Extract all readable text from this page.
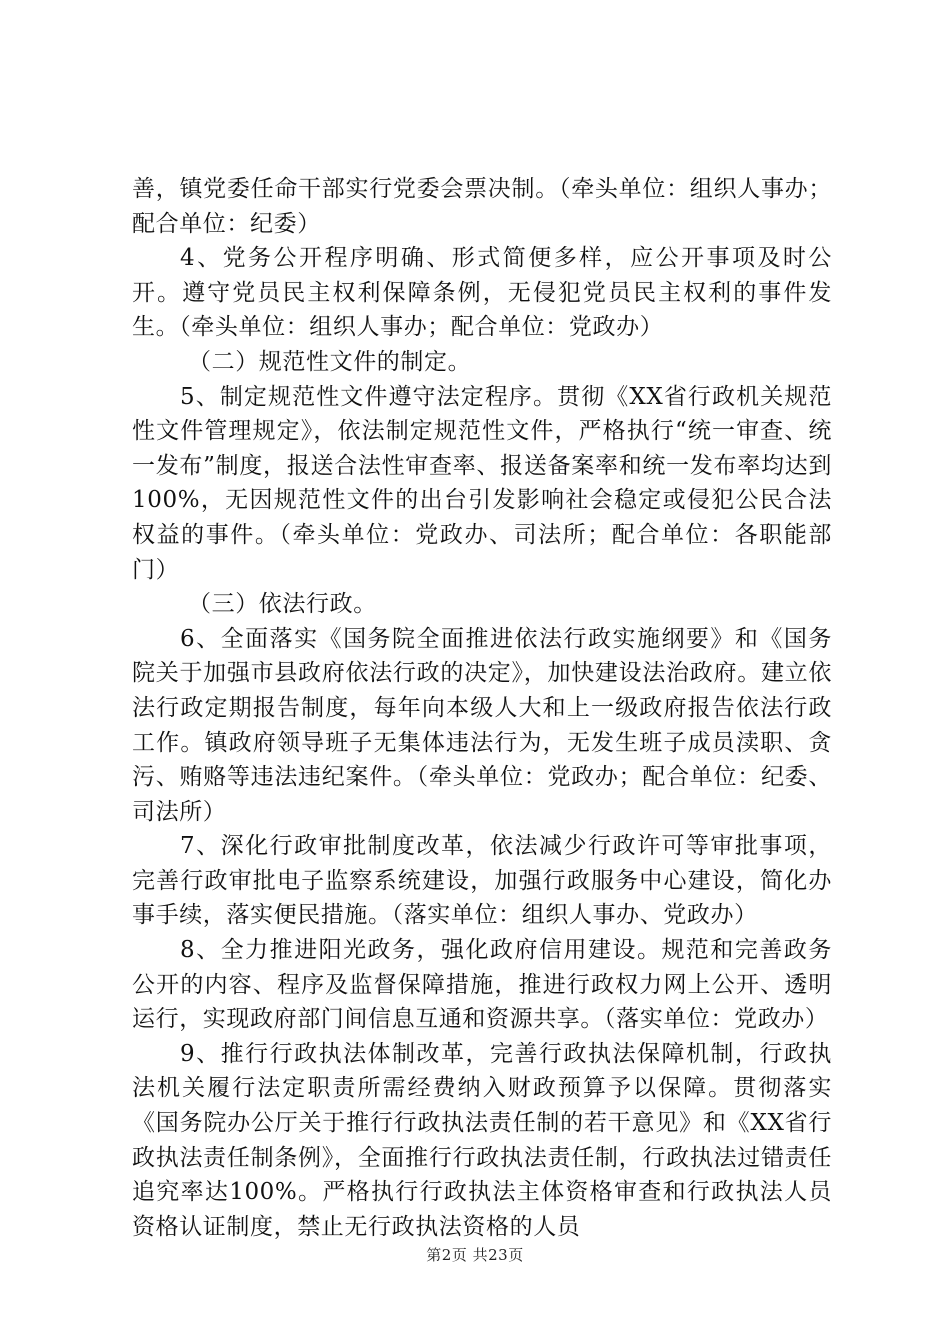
善，镇党委任命干部实行党委会票决制。（牵头单位：组织人事办；配合单位：纪委）

4、党务公开程序明确、形式简便多样，应公开事项及时公开。遵守党员民主权利保障条例，无侵犯党员民主权利的事件发生。（牵头单位：组织人事办；配合单位：党政办）

（二）规范性文件的制定。

5、制定规范性文件遵守法定程序。贯彻《XX省行政机关规范性文件管理规定》，依法制定规范性文件，严格执行“统一审查、统一发布”制度，报送合法性审查率、报送备案率和统一发布率均达到100%，无因规范性文件的出台引发影响社会稳定或侵犯公民合法权益的事件。（牵头单位：党政办、司法所；配合单位：各职能部门）

（三）依法行政。

6、全面落实《国务院全面推进依法行政实施纲要》和《国务院关于加强市县政府依法行政的决定》，加快建设法治政府。建立依法行政定期报告制度，每年向本级人大和上一级政府报告依法行政工作。镇政府领导班子无集体违法行为，无发生班子成员渎职、贪污、贿赂等违法违纪案件。（牵头单位：党政办；配合单位：纪委、司法所）

7、深化行政审批制度改革，依法减少行政许可等审批事项，完善行政审批电子监察系统建设，加强行政服务中心建设，简化办事手续，落实便民措施。（落实单位：组织人事办、党政办）

8、全力推进阳光政务，强化政府信用建设。规范和完善政务公开的内容、程序及监督保障措施，推进行政权力网上公开、透明运行，实现政府部门间信息互通和资源共享。（落实单位：党政办）

9、推行行政执法体制改革，完善行政执法保障机制，行政执法机关履行法定职责所需经费纳入财政预算予以保障。贯彻落实《国务院办公厅关于推行行政执法责任制的若干意见》和《XX省行政执法责任制条例》，全面推行行政执法责任制，行政执法过错责任追究率达100%。严格执行行政执法主体资格审查和行政执法人员资格认证制度，禁止无行政执法资格的人员

第2页 共23页
